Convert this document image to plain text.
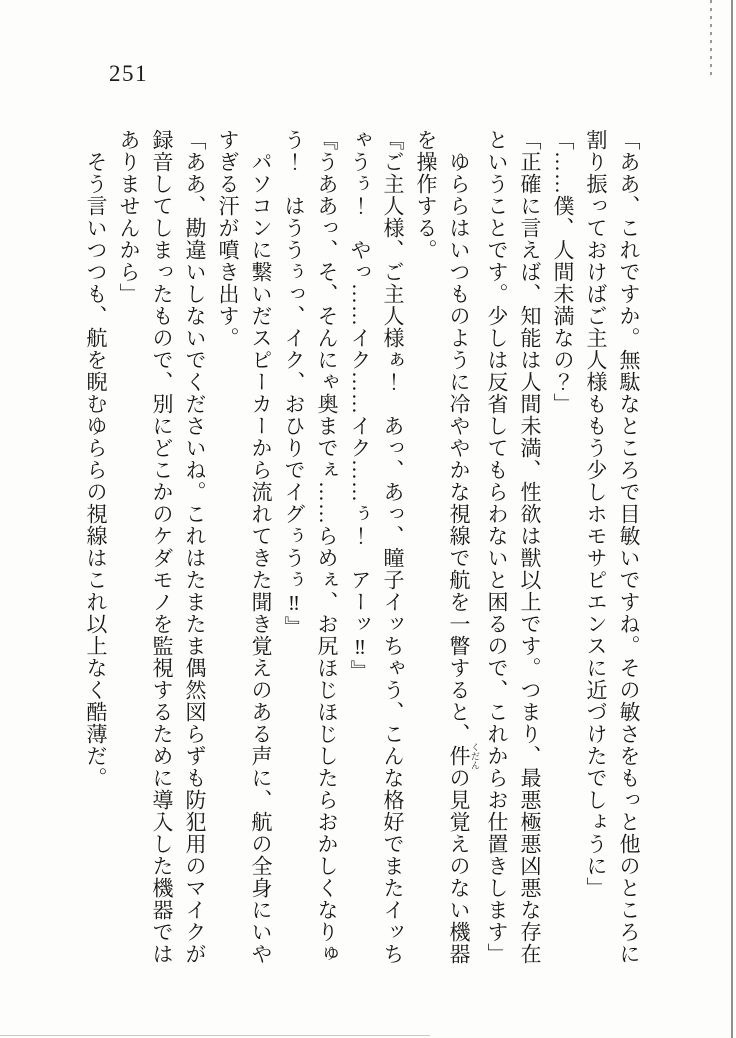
251

「ああ、これですか。無駄なところで目敏いですね。その敏さをもっと他のところに

割り振っておけばご主人様ももう少しホモサピエンスに近づけたでしょうに」

「……僕、人間未満なの？」

「正確に言えば、知能は人間未満、性欲は獣以上です。つまり、最悪極悪凶悪な存在

ということです。少しは反省してもらわないと困るので、これからお仕置きします」

　ゆららはいつものように冷ややかな視線で航を一瞥すると、件 くだんの見覚えのない機器

を操作する。

『ご主人様、ご主人様ぁ！　あっ、あっ、瞳子イッちゃう、こんな格好でまたイッち

ゃうぅ！　やっ……イク……イク……ぅ！　アーッ‼』

『うああっ、そ、そんにゃ奥までぇ……らめぇ、お尻ほじほじしたらおかしくなりゅ

う！　はううぅっ、イク、おひりでイグぅうぅ‼』

　パソコンに繋いだスピーカーから流れてきた聞き覚えのある声に、航の全身にいや

すぎる汗が噴き出す。

「ああ、勘違いしないでくださいね。これはたまたま偶然図らずも防犯用のマイクが

録音してしまったもので、別にどこかのケダモノを監視するために導入した機器では

ありませんから」

　そう言いつつも、航を睨むゆららの視線はこれ以上なく酷薄だ。
